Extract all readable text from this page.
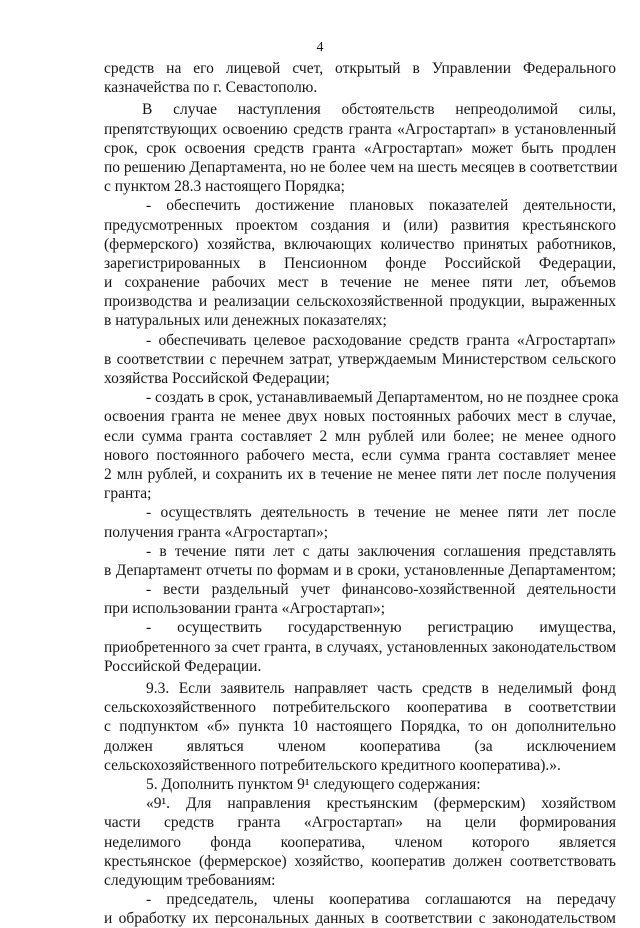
4
средств на его лицевой счет, открытый в Управлении Федерального
казначейства по г. Севастополю.
В случае наступления обстоятельств непреодолимой силы,
препятствующих освоению средств гранта «Агростартап» в установленный
срок, срок освоения средств гранта «Агростартап» может быть продлен
по решению Департамента, но не более чем на шесть месяцев в соответствии
с пунктом 28.3 настоящего Порядка;
- обеспечить достижение плановых показателей деятельности,
предусмотренных проектом создания и (или) развития крестьянского
(фермерского) хозяйства, включающих количество принятых работников,
зарегистрированных в Пенсионном фонде Российской Федерации,
и сохранение рабочих мест в течение не менее пяти лет, объемов
производства и реализации сельскохозяйственной продукции, выраженных
в натуральных или денежных показателях;
- обеспечивать целевое расходование средств гранта «Агростартап»
в соответствии с перечнем затрат, утверждаемым Министерством сельского
хозяйства Российской Федерации;
- создать в срок, устанавливаемый Департаментом, но не позднее срока
освоения гранта не менее двух новых постоянных рабочих мест в случае,
если сумма гранта составляет 2 млн рублей или более; не менее одного
нового постоянного рабочего места, если сумма гранта составляет менее
2 млн рублей, и сохранить их в течение не менее пяти лет после получения
гранта;
- осуществлять деятельность в течение не менее пяти лет после
получения гранта «Агростартап»;
- в течение пяти лет с даты заключения соглашения представлять
в Департамент отчеты по формам и в сроки, установленные Департаментом;
- вести раздельный учет финансово-хозяйственной деятельности
при использовании гранта «Агростартап»;
- осуществить государственную регистрацию имущества,
приобретенного за счет гранта, в случаях, установленных законодательством
Российской Федерации.
9.3. Если заявитель направляет часть средств в неделимый фонд
сельскохозяйственного потребительского кооператива в соответствии
с подпунктом «б» пункта 10 настоящего Порядка, то он дополнительно
должен являться членом кооператива (за исключением
сельскохозяйственного потребительского кредитного кооператива).».
5. Дополнить пунктом 9¹ следующего содержания:
«9¹. Для направления крестьянским (фермерским) хозяйством
части средств гранта «Агростартап» на цели формирования
неделимого фонда кооператива, членом которого является
крестьянское (фермерское) хозяйство, кооператив должен соответствовать
следующим требованиям:
- председатель, члены кооператива соглашаются на передачу
и обработку их персональных данных в соответствии с законодательством
